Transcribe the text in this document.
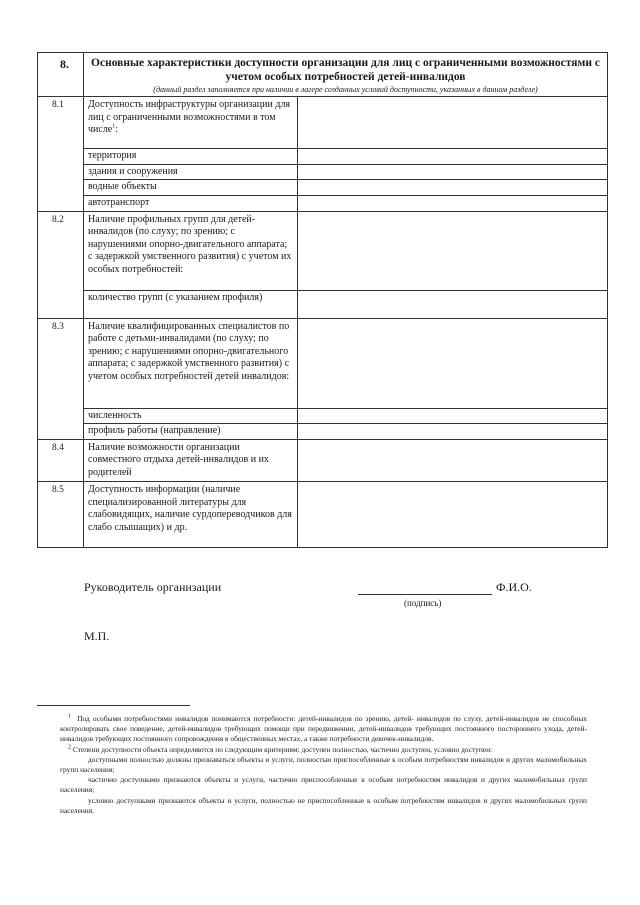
8.	Основные характеристики доступности организации для лиц с ограниченными возможностями с учетом особых потребностей детей-инвалидов
(данный раздел заполняется при наличии в лагере созданных условий доступности, указанных в данном разделе)	

8.1	Доступность инфраструктуры организации для лиц с ограниченными возможностями в том числе$^1$:	
	территория	
	здания и сооружения	
	водные объекты	
	автотранспорт	
8.2	Наличие профильных групп для детей-инвалидов (по слуху; по зрению; с нарушениями опорно-двигательного аппарата; с задержкой умственного развития) с учетом их особых потребностей:	
	количество групп (с указанием профиля)	
8.3	Наличие квалифицированных специалистов по работе с детьми-инвалидами (по слуху; по зрению; с нарушениями опорно-двигательного аппарата; с задержкой умственного развития) с учетом особых потребностей детей инвалидов:	
	численность	
	профиль работы (направление)	
8.4	Наличие возможности организации совместного отдыха детей-инвалидов и их родителей	
8.5	Доступность информации (наличие специализированной литературы для слабовидящих, наличие сурдопереводчиков для слабо слышащих) и др.	
Руководитель организации	Ф.И.О.
(подпись)
М.П.

$^1$ Под особыми потребностями инвалидов понимаются потребности: детей-инвалидов по зрению, детей- инвалидов по слуху, детей-инвалидов не способных контролировать свое поведение, детей-инвалидов требующих помощи при передвижении, детей-инвалидов требующих постоянного постороннего ухода, детей-инвалидов требующих постоянного сопровождения в общественных местах, а также потребности девочек-инвалидов.

$^2$ Степени доступности объекта определяются по следующим критериям: доступен полностью, частично доступен, условно доступен:

доступными полностью должны признаваться объекты и услуги, полностью приспособленные к особым потребностям инвалидов и других маломобильных групп населения;

частично доступными признаются объекты и услуги, частично приспособленные к особым потребностям инвалидов и других маломобильных групп населения;

условно доступными признаются объекты и услуги, полностью не приспособленные к особым потребностям инвалидов и других маломобильных групп населения.
